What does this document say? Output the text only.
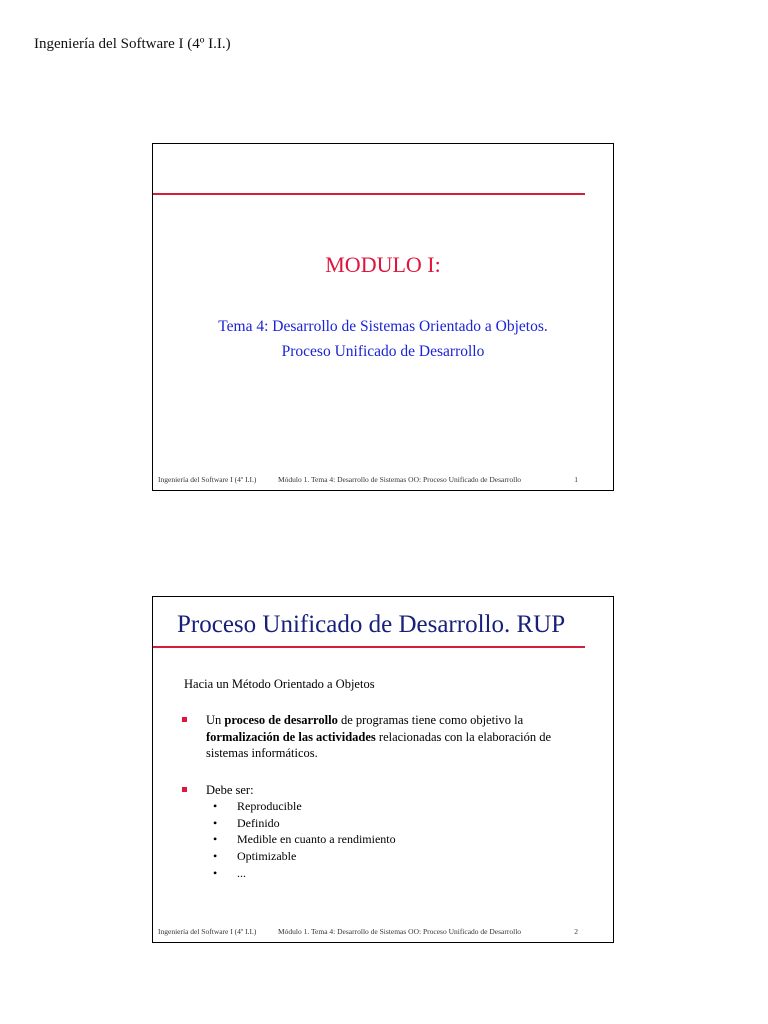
Ingeniería del Software I (4º I.I.)
MODULO I:
Tema 4: Desarrollo de Sistemas Orientado a Objetos.
Proceso Unificado de Desarrollo
Ingeniería del Software I (4º I.I.)	Módulo 1. Tema 4: Desarrollo de Sistemas OO: Proceso Unificado de Desarrollo	1
Proceso Unificado de Desarrollo. RUP
Hacia un Método Orientado a Objetos
Un proceso de desarrollo de programas tiene como objetivo la formalización de las actividades relacionadas con la elaboración de sistemas informáticos.
Debe ser:
• Reproducible
• Definido
• Medible en cuanto a rendimiento
• Optimizable
• ...
Ingeniería del Software I (4º I.I.)	Módulo 1. Tema 4: Desarrollo de Sistemas OO: Proceso Unificado de Desarrollo	2
